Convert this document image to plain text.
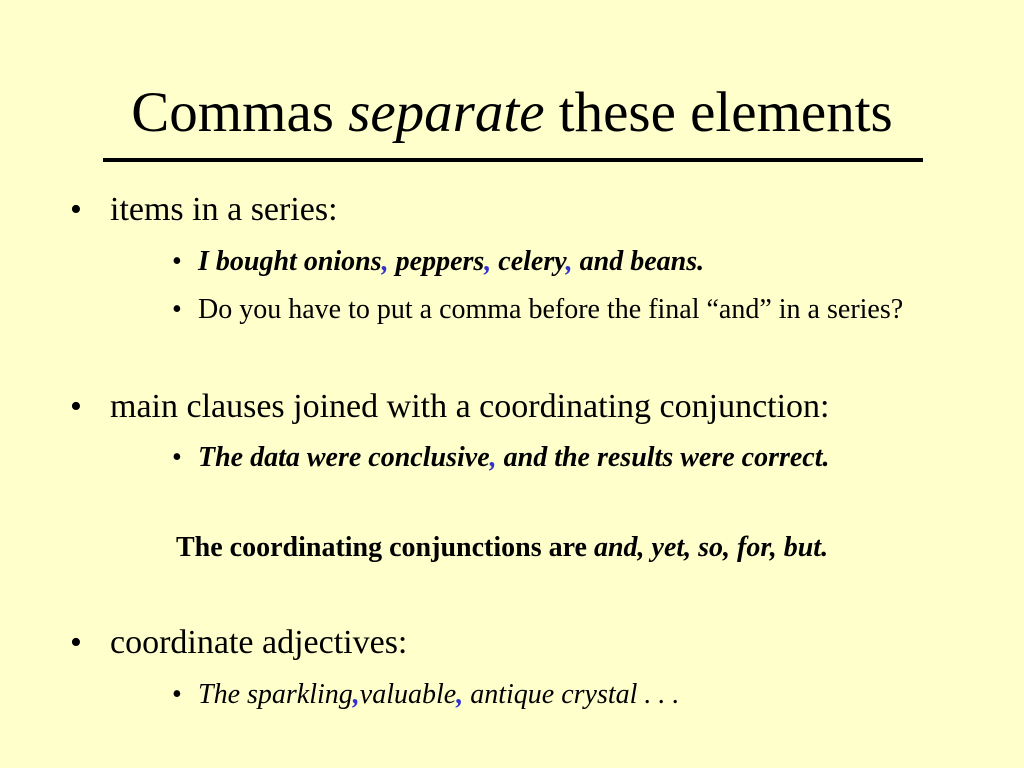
Commas separate these elements
• items in a series:
• I bought onions, peppers, celery, and beans.
• Do you have to put a comma before the final “and” in a series?
• main clauses joined with a coordinating conjunction:
• The data were conclusive, and the results were correct.
The coordinating conjunctions are and, yet, so, for, but.
• coordinate adjectives:
• The sparkling,valuable, antique crystal . . .
